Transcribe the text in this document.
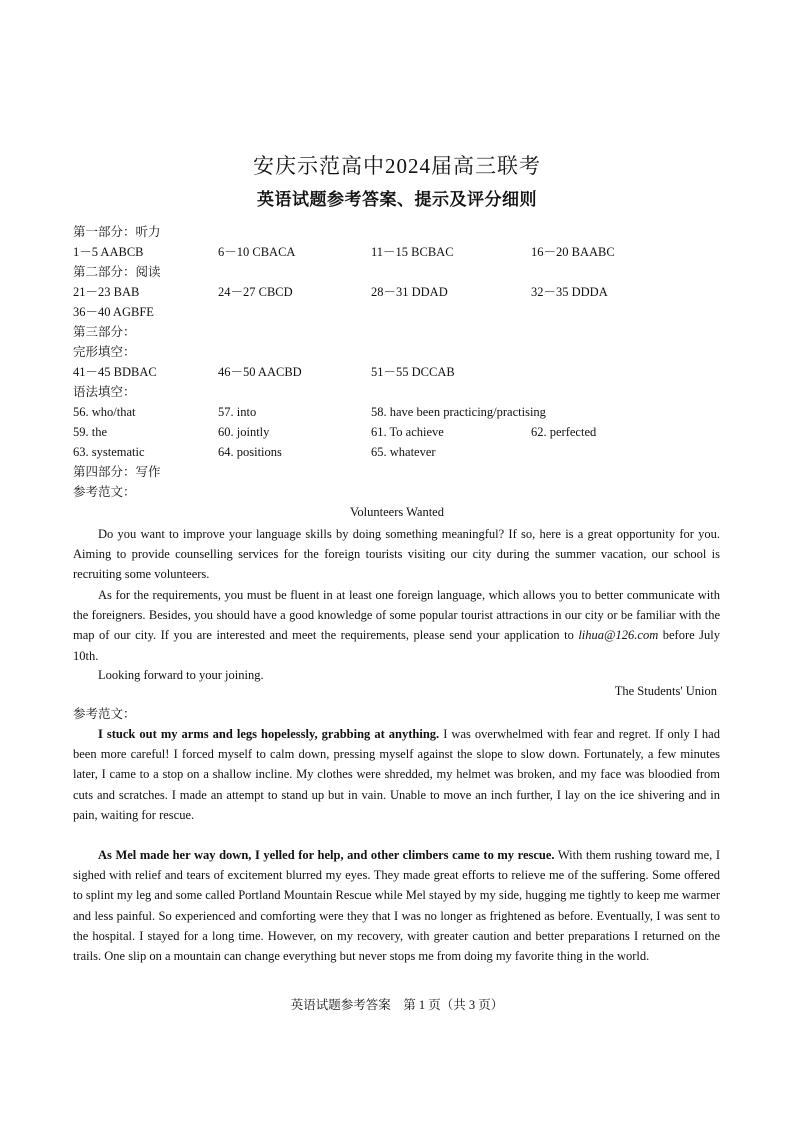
安庆示范高中2024届高三联考
英语试题参考答案、提示及评分细则
第一部分：听力
1－5 AABCB	6－10 CBACA	11－15 BCBAC	16－20 BAABC
第二部分：阅读
21－23 BAB	24－27 CBCD	28－31 DDAD	32－35 DDDA
36－40 AGBFE
第三部分：
完形填空：
41－45 BDBAC	46－50 AACBD	51－55 DCCAB
语法填空：
56. who/that	57. into	58. have been practicing/practising
59. the	60. jointly	61. To achieve	62. perfected
63. systematic	64. positions	65. whatever
第四部分：写作
参考范文：
Volunteers Wanted

Do you want to improve your language skills by doing something meaningful? If so, here is a great opportunity for you. Aiming to provide counselling services for the foreign tourists visiting our city during the summer vacation, our school is recruiting some volunteers.

As for the requirements, you must be fluent in at least one foreign language, which allows you to better communicate with the foreigners. Besides, you should have a good knowledge of some popular tourist attractions in our city or be familiar with the map of our city. If you are interested and meet the requirements, please send your application to lihua@126.com before July 10th.

Looking forward to your joining.

The Students' Union
参考范文：

I stuck out my arms and legs hopelessly, grabbing at anything. I was overwhelmed with fear and regret. If only I had been more careful! I forced myself to calm down, pressing myself against the slope to slow down. Fortunately, a few minutes later, I came to a stop on a shallow incline. My clothes were shredded, my helmet was broken, and my face was bloodied from cuts and scratches. I made an attempt to stand up but in vain. Unable to move an inch further, I lay on the ice shivering and in pain, waiting for rescue.

As Mel made her way down, I yelled for help, and other climbers came to my rescue. With them rushing toward me, I sighed with relief and tears of excitement blurred my eyes. They made great efforts to relieve me of the suffering. Some offered to splint my leg and some called Portland Mountain Rescue while Mel stayed by my side, hugging me tightly to keep me warmer and less painful. So experienced and comforting were they that I was no longer as frightened as before. Eventually, I was sent to the hospital. I stayed for a long time. However, on my recovery, with greater caution and better preparations I returned on the trails. One slip on a mountain can change everything but never stops me from doing my favorite thing in the world.

英语试题参考答案　第 1 页（共 3 页）
